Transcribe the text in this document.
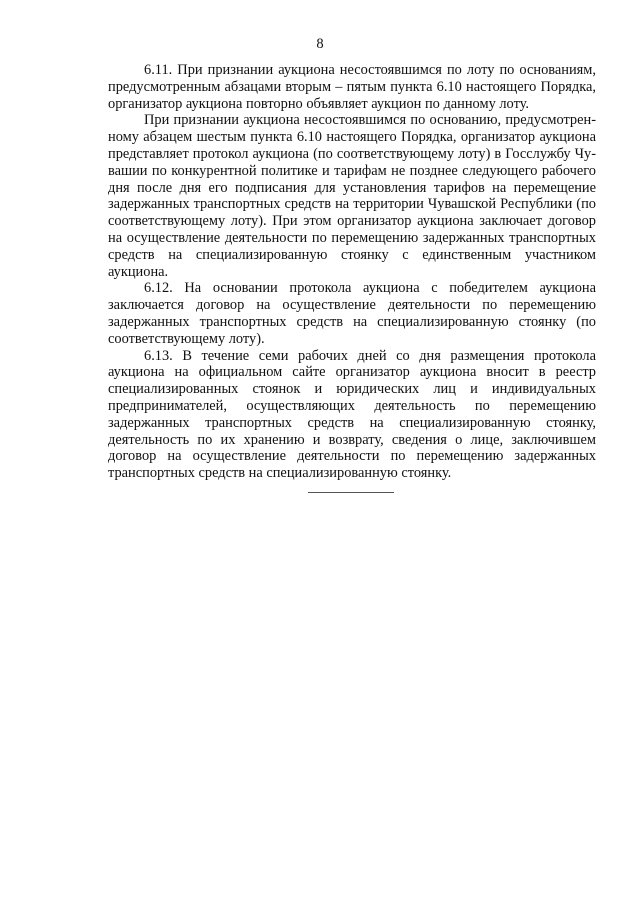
8

6.11. При признании аукциона несостоявшимся по лоту по основаниям, предусмотренным абзацами вторым – пятым пункта 6.10 настоящего Порядка, организатор аукциона повторно объявляет аукцион по данному лоту.

При признании аукциона несостоявшимся по основанию, предусмотренному абзацем шестым пункта 6.10 настоящего Порядка, организатор аукциона представляет протокол аукциона (по соответствующему лоту) в Госслужбу Чувашии по конкурентной политике и тарифам не позднее следующего рабочего дня после дня его подписания для установления тарифов на перемещение задержанных транспортных средств на территории Чувашской Республики (по соответствующему лоту). При этом организатор аукциона заключает договор на осуществление деятельности по перемещению задержанных транспортных средств на специализированную стоянку с единственным участником аукциона.

6.12. На основании протокола аукциона с победителем аукциона заключается договор на осуществление деятельности по перемещению задержанных транспортных средств на специализированную стоянку (по соответствующему лоту).

6.13. В течение семи рабочих дней со дня размещения протокола аукциона на официальном сайте организатор аукциона вносит в реестр специализированных стоянок и юридических лиц и индивидуальных предпринимателей, осуществляющих деятельность по перемещению задержанных транспортных средств на специализированную стоянку, деятельность по их хранению и возврату, сведения о лице, заключившем договор на осуществление деятельности по перемещению задержанных транспортных средств на специализированную стоянку.
